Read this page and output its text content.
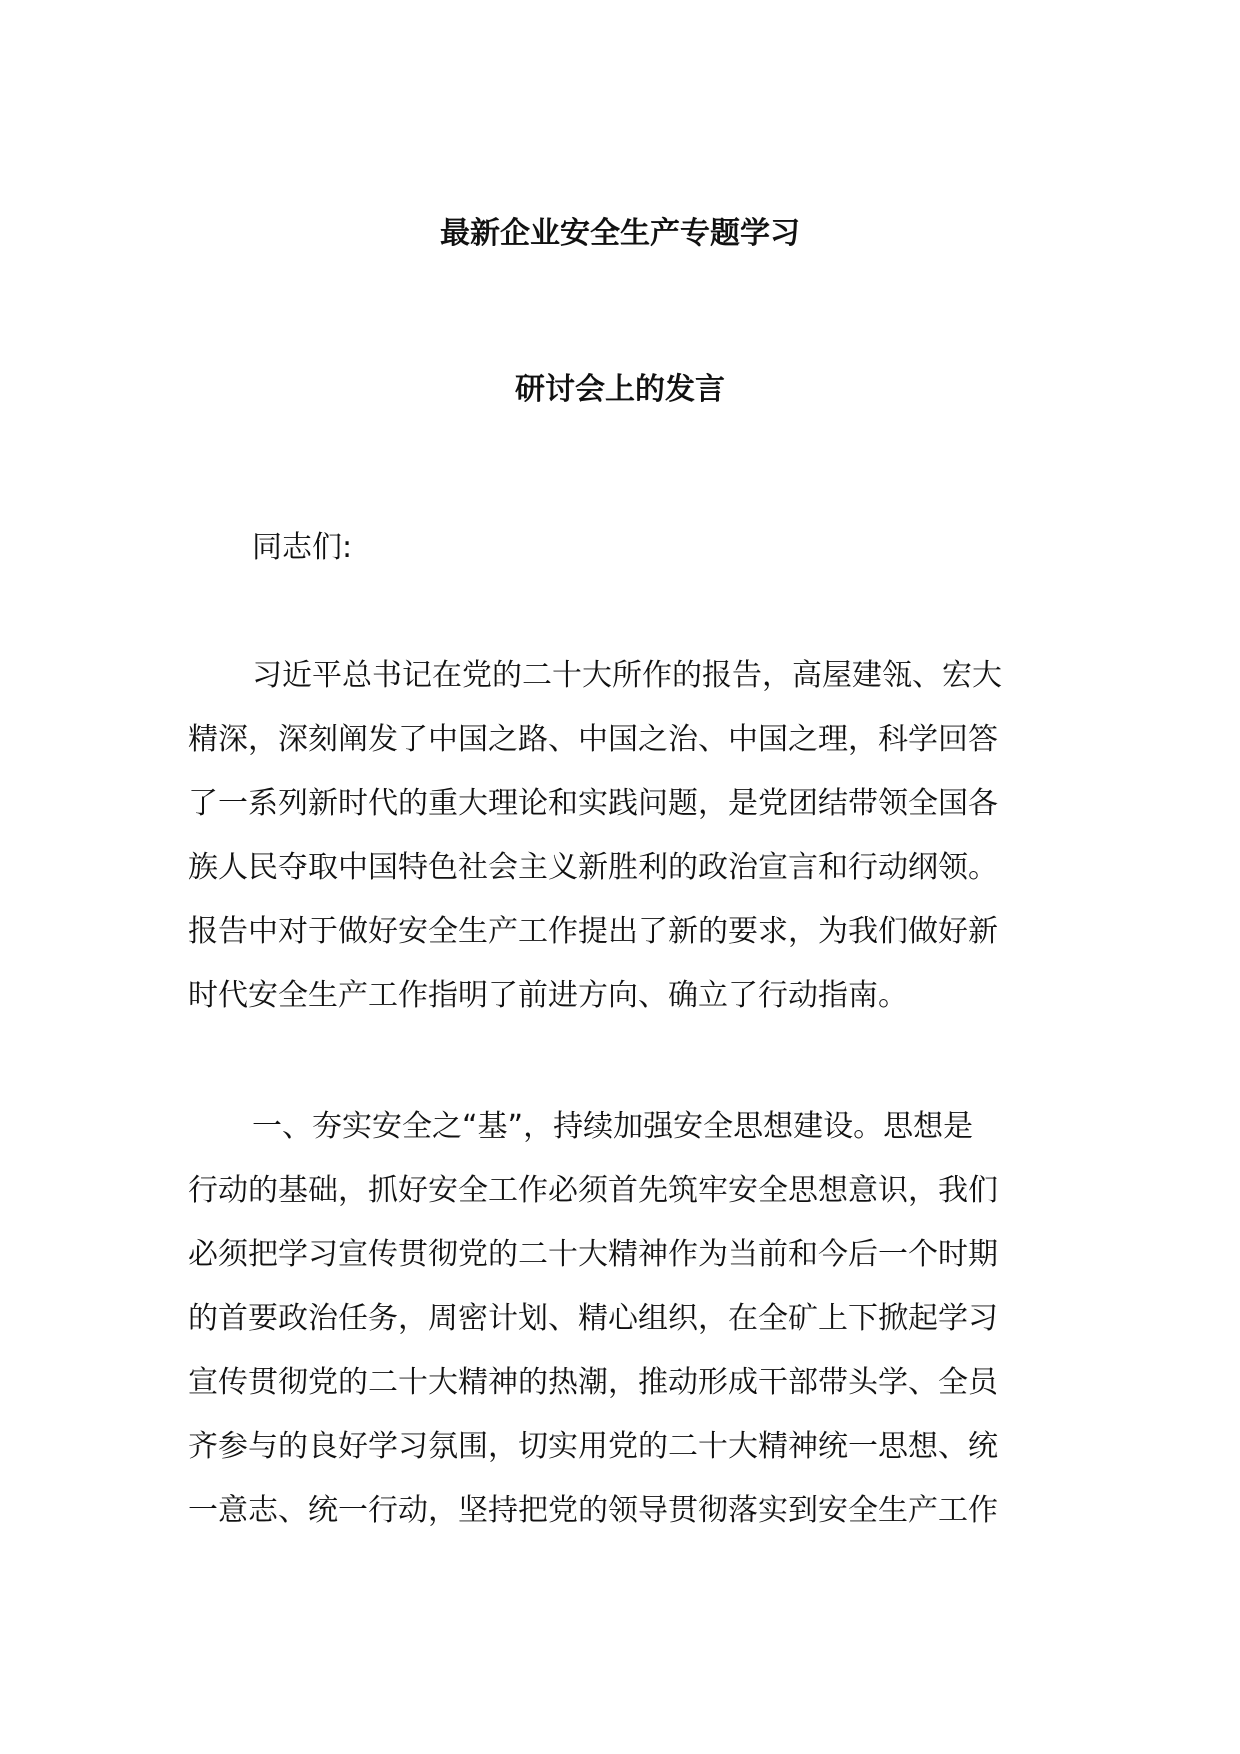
最新企业安全生产专题学习
研讨会上的发言

同志们:

习近平总书记在党的二十大所作的报告，高屋建瓴、宏大
精深，深刻阐发了中国之路、中国之治、中国之理，科学回答
了一系列新时代的重大理论和实践问题，是党团结带领全国各
族人民夺取中国特色社会主义新胜利的政治宣言和行动纲领。
报告中对于做好安全生产工作提出了新的要求，为我们做好新
时代安全生产工作指明了前进方向、确立了行动指南。
一、夯实安全之“基”，持续加强安全思想建设。思想是
行动的基础，抓好安全工作必须首先筑牢安全思想意识，我们
必须把学习宣传贯彻党的二十大精神作为当前和今后一个时期
的首要政治任务，周密计划、精心组织，在全矿上下掀起学习
宣传贯彻党的二十大精神的热潮，推动形成干部带头学、全员
齐参与的良好学习氛围，切实用党的二十大精神统一思想、统
一意志、统一行动，坚持把党的领导贯彻落实到安全生产工作
